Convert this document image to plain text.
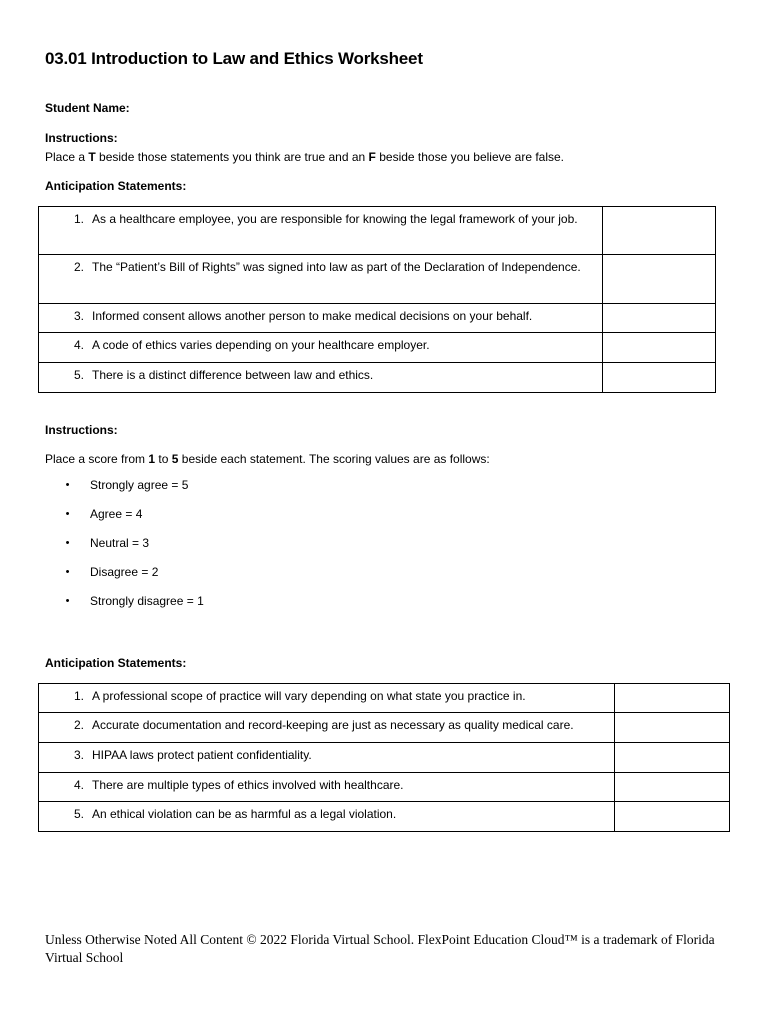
03.01 Introduction to Law and Ethics Worksheet
Student Name:
Instructions:
Place a T beside those statements you think are true and an F beside those you believe are false.
Anticipation Statements:
1. As a healthcare employee, you are responsible for knowing the legal framework of your job.	

2. The “Patient’s Bill of Rights” was signed into law as part of the Declaration of Independence.	

3. Informed consent allows another person to make medical decisions on your behalf.	

4. A code of ethics varies depending on your healthcare employer.	

5. There is a distinct difference between law and ethics.	

Instructions:
Place a score from 1 to 5 beside each statement. The scoring values are as follows:
•	Strongly agree = 5
•	Agree = 4
•	Neutral = 3
•	Disagree = 2
•	Strongly disagree = 1
Anticipation Statements:
1. A professional scope of practice will vary depending on what state you practice in.	

2. Accurate documentation and record-keeping are just as necessary as quality medical care.	

3. HIPAA laws protect patient confidentiality.	

4. There are multiple types of ethics involved with healthcare.	

5. An ethical violation can be as harmful as a legal violation.	

Unless Otherwise Noted All Content © 2022 Florida Virtual School. FlexPoint Education Cloud™ is a trademark of Florida Virtual School
